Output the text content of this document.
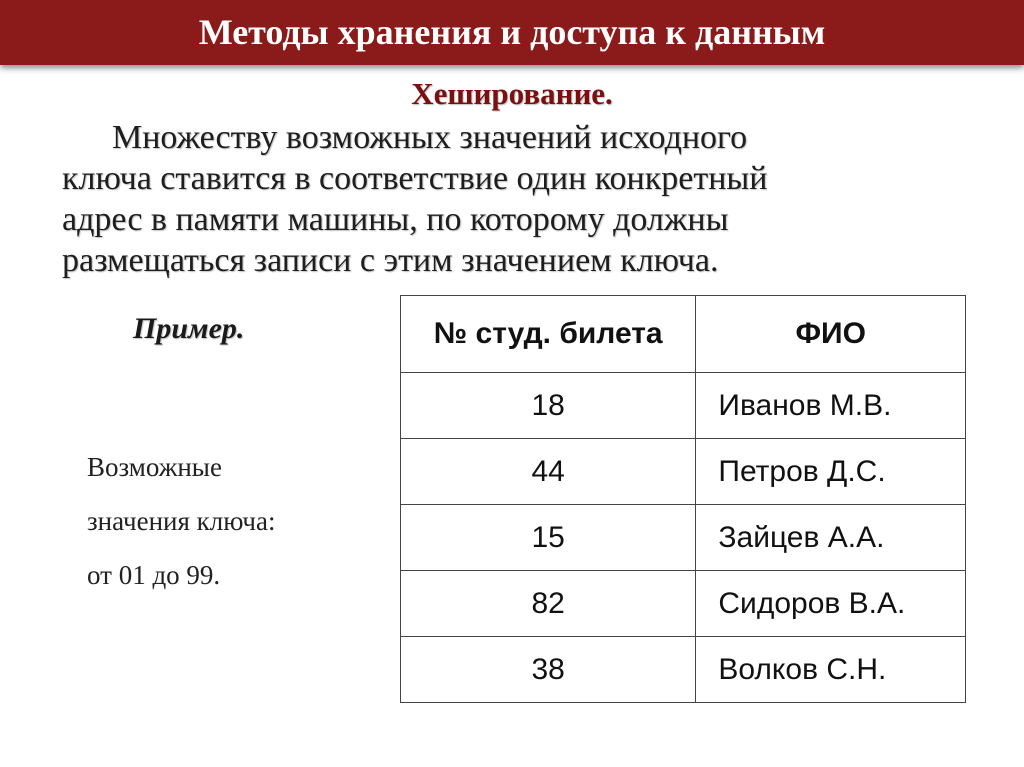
Методы хранения и доступа к данным
Хеширование.
Множеству возможных значений исходного
ключа ставится в соответствие один конкретный
адрес в памяти машины, по которому должны
размещаться записи с этим значением ключа.
Пример.
Возможные
значения ключа:
от 01 до 99.
№ студ. билета	ФИО
18	Иванов М.В.
44	Петров Д.С.
15	Зайцев А.А.
82	Сидоров В.А.
38	Волков С.Н.
